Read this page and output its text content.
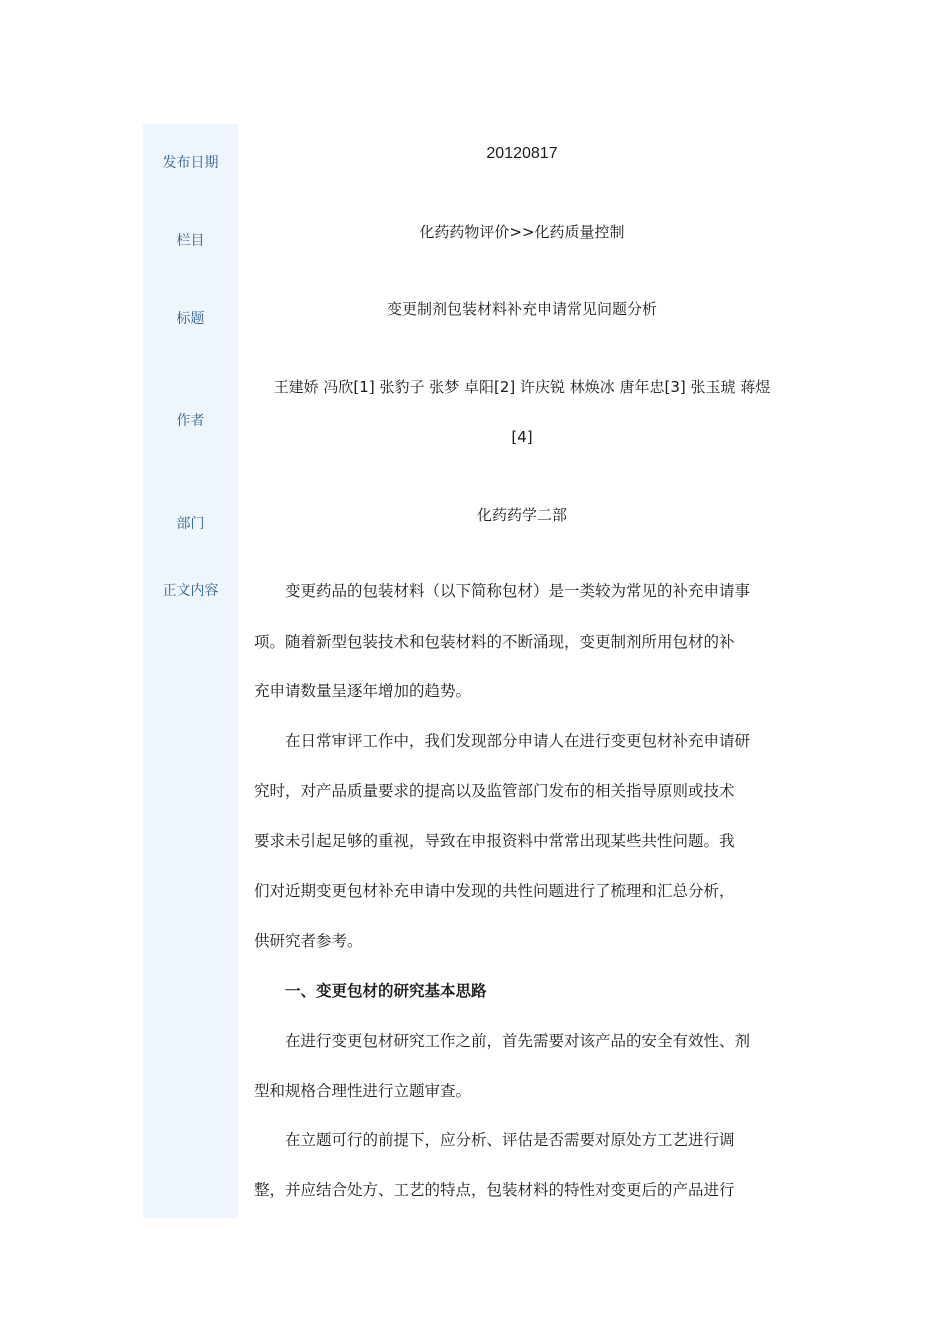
发布日期
栏目
标题
作者
部门
正文内容
20120817
化药药物评价>>化药质量控制
变更制剂包装材料补充申请常见问题分析
王建娇 冯欣[1] 张豹子 张梦 卓阳[2] 许庆锐 林焕冰 唐年忠[3] 张玉琥 蒋煜
[4]
化药药学二部
　　变更药品的包装材料（以下简称包材）是一类较为常见的补充申请事
项。随着新型包装技术和包装材料的不断涌现，变更制剂所用包材的补
充申请数量呈逐年增加的趋势。
　　在日常审评工作中，我们发现部分申请人在进行变更包材补充申请研
究时，对产品质量要求的提高以及监管部门发布的相关指导原则或技术
要求未引起足够的重视，导致在申报资料中常常出现某些共性问题。我
们对近期变更包材补充申请中发现的共性问题进行了梳理和汇总分析，
供研究者参考。
　　一、变更包材的研究基本思路
　　在进行变更包材研究工作之前，首先需要对该产品的安全有效性、剂
型和规格合理性进行立题审查。
　　在立题可行的前提下，应分析、评估是否需要对原处方工艺进行调
整，并应结合处方、工艺的特点，包装材料的特性对变更后的产品进行
